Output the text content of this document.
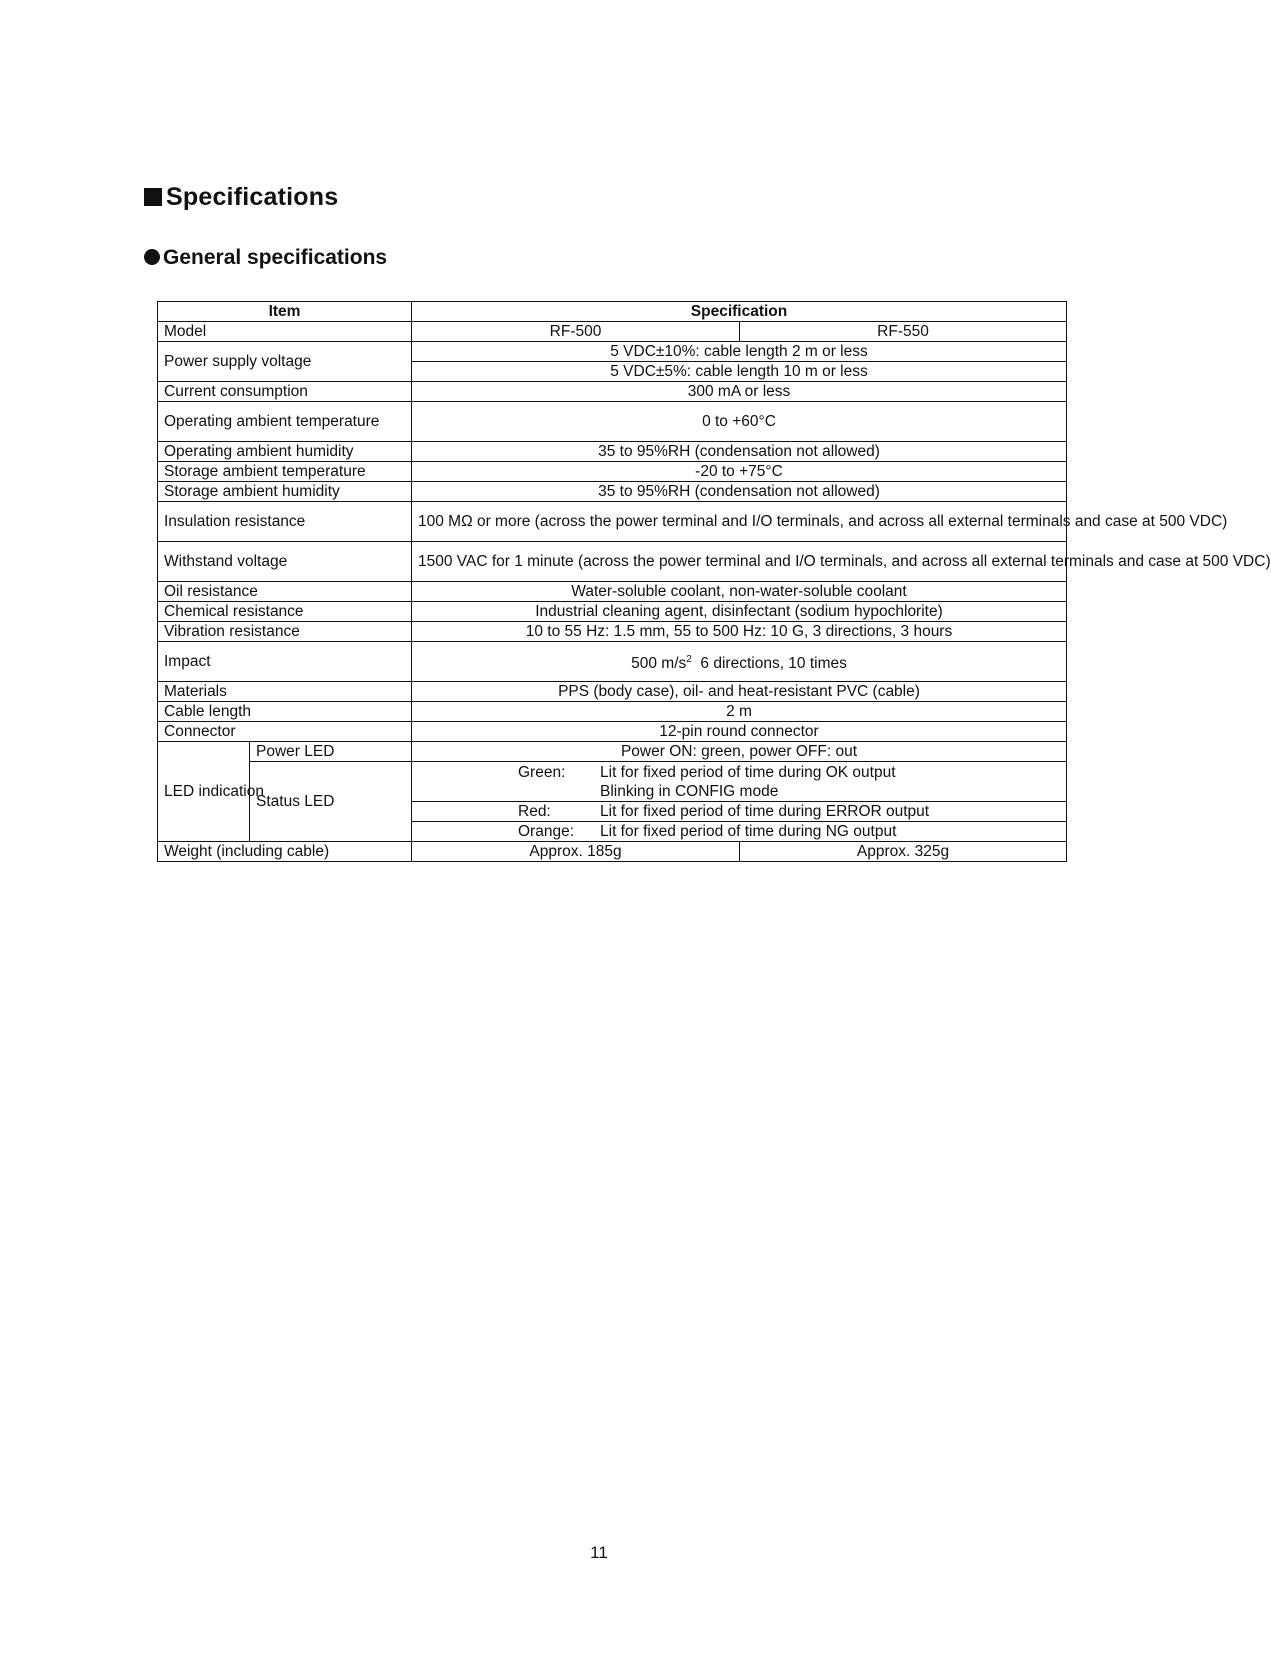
Specifications
General specifications
Item		Specification	
Model		RF-500	RF-550
Power supply voltage		5 VDC±10%: cable length 2 m or less	
		5 VDC±5%: cable length 10 m or less	
Current consumption		300 mA or less	
Operating ambient temperature		0 to +60°C	
Operating ambient humidity		35 to 95%RH (condensation not allowed)	
Storage ambient temperature		-20 to +75°C	
Storage ambient humidity		35 to 95%RH (condensation not allowed)	
Insulation resistance		100 MΩ or more (across the power terminal and I/O terminals, and across all external terminals and case at 500 VDC)	
Withstand voltage		1500 VAC for 1 minute (across the power terminal and I/O terminals, and across all external terminals and case at 500 VDC)	
Oil resistance		Water-soluble coolant, non-water-soluble coolant	
Chemical resistance		Industrial cleaning agent, disinfectant (sodium hypochlorite)	
Vibration resistance		10 to 55 Hz: 1.5 mm, 55 to 500 Hz: 10 G, 3 directions, 3 hours	
Impact		500 $m/s^2$  6 directions, 10 times	
Materials		PPS (body case), oil- and heat-resistant PVC (cable)	
Cable length		2 m	
Connector		12-pin round connector	
LED indication	Power LED	Power ON: green, power OFF: out	
	Status LED	Green: Lit for fixed period of time during OK output
Blinking in CONFIG mode	

		Red: Lit for fixed period of time during ERROR output	

		Orange: Lit for fixed period of time during NG output	

Weight (including cable)		Approx. 185g	Approx. 325g
11
